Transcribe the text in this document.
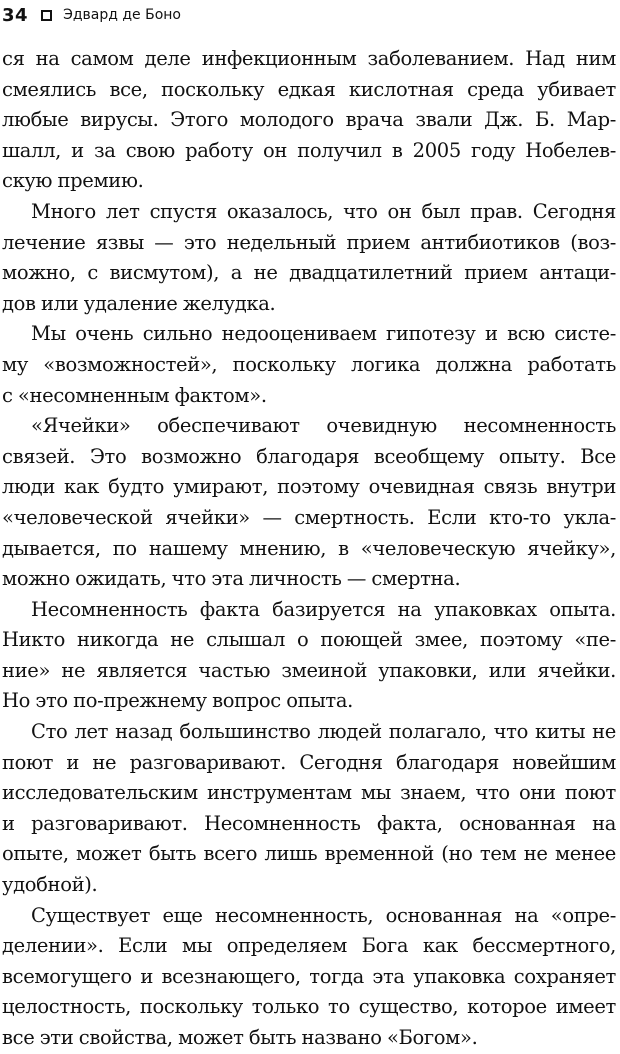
34	Эдвард де Боно
ся на самом деле инфекционным заболеванием. Над ним
смеялись все, поскольку едкая кислотная среда убивает
любые вирусы. Этого молодого врача звали Дж. Б. Мар-
шалл, и за свою работу он получил в 2005 году Нобелев-
скую премию.
Много лет спустя оказалось, что он был прав. Сегодня
лечение язвы — это недельный прием антибиотиков (воз-
можно, с висмутом), а не двадцатилетний прием антаци-
дов или удаление желудка.
Мы очень сильно недооцениваем гипотезу и всю систе-
му «возможностей», поскольку логика должна работать
с «несомненным фактом».
«Ячейки» обеспечивают очевидную несомненность
связей. Это возможно благодаря всеобщему опыту. Все
люди как будто умирают, поэтому очевидная связь внутри
«человеческой ячейки» — смертность. Если кто-то укла-
дывается, по нашему мнению, в «человеческую ячейку»,
можно ожидать, что эта личность — смертна.
Несомненность факта базируется на упаковках опыта.
Никто никогда не слышал о поющей змее, поэтому «пе-
ние» не является частью змеиной упаковки, или ячейки.
Но это по-прежнему вопрос опыта.
Сто лет назад большинство людей полагало, что киты не
поют и не разговаривают. Сегодня благодаря новейшим
исследовательским инструментам мы знаем, что они поют
и разговаривают. Несомненность факта, основанная на
опыте, может быть всего лишь временной (но тем не менее
удобной).
Существует еще несомненность, основанная на «опре-
делении». Если мы определяем Бога как бессмертного,
всемогущего и всезнающего, тогда эта упаковка сохраняет
целостность, поскольку только то существо, которое имеет
все эти свойства, может быть названо «Богом».
